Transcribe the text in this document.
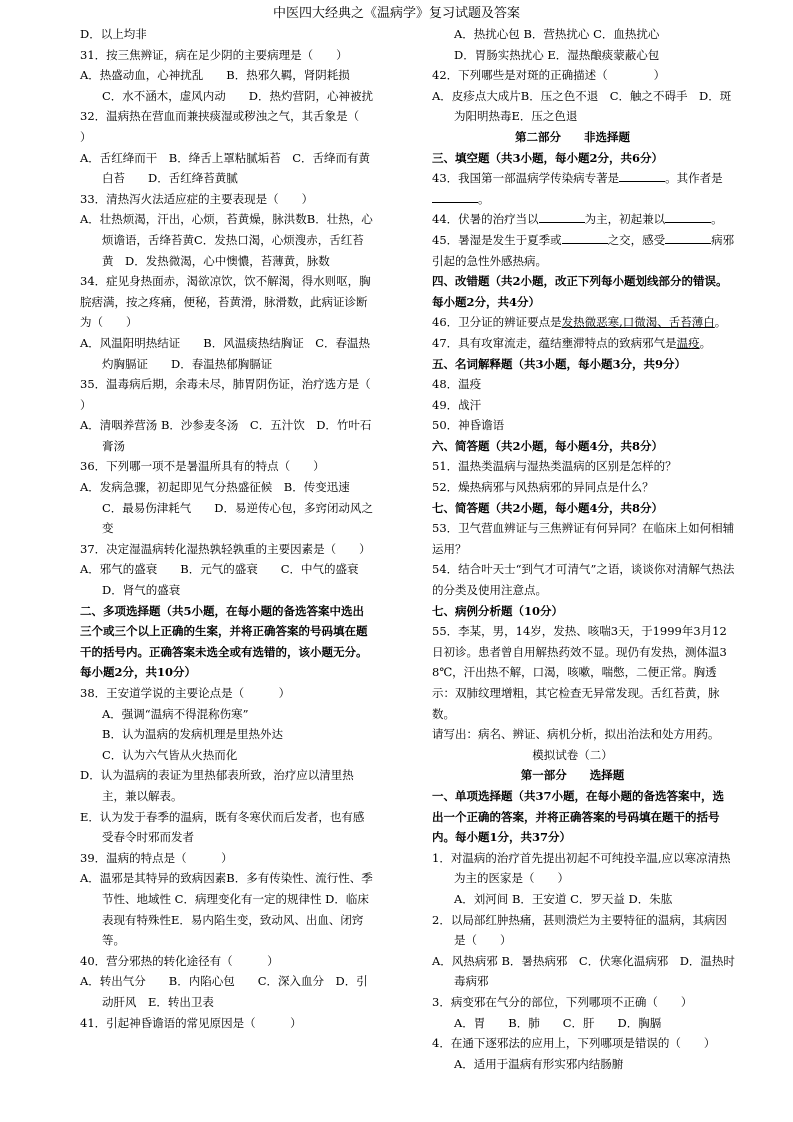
中医四大经典之《温病学》复习试题及答案

D．以上均非

31．按三焦辨证，病在足少阴的主要病理是（　　）

A．热盛动血，心神扰乱　　B．热邪久羁，肾阴耗损　C．水不涵木，虚风内动　　D．热灼营阴，心神被扰

32．温病热在营血而兼挟痰湿或秽浊之气，其舌象是（　　）

A．舌红绛而干　B．绛舌上罩粘腻垢苔　C．舌绛而有黄白苔　　D．舌红绛苔黄腻

33．清热泻火法适应症的主要表现是（　　）

A．壮热烦渴，汗出，心烦，苔黄燥，脉洪数B．壮热，心烦谵语，舌绛苔黄C．发热口渴，心烦溲赤，舌红苔黄　D．发热微渴，心中懊憹，苔薄黄，脉数

34．症见身热面赤，渴欲凉饮，饮不解渴，得水则呕，胸脘痞满，按之疼痛，便秘，苔黄滑，脉滑数，此病证诊断为（　　）

A．风温阳明热结证　　B．风温痰热结胸证　C．春温热灼胸膈证　　D．春温热郁胸膈证

35．温毒病后期，余毒未尽，肺胃阴伤证，治疗选方是（　　）

A．清咽养营汤 B．沙参麦冬汤　C．五汁饮　D．竹叶石膏汤

36．下列哪一项不是暑温所具有的特点（　　）

A．发病急骤，初起即见气分热盛征候　B．传变迅速　C．最易伤津耗气　　D．易逆传心包，多窍闭动风之变

37．决定湿温病转化湿热孰轻孰重的主要因素是（　　）

A．邪气的盛衰　　B．元气的盛衰　　C．中气的盛衰　　D．肾气的盛衰

二、多项选择题（共5小题，在每小题的备选答案中选出三个或三个以上正确的生案，并将正确答案的号码填在题干的括号内。正确答案未选全或有选错的，该小题无分。每小题2分，共10分）

38．王安道学说的主要论点是（　　　）

A．强调“温病不得混称伤寒”

B．认为温病的发病机理是里热外达

C．认为六气皆从火热而化

D．认为温病的表证为里热郁表所致，治疗应以清里热主，兼以解表。

E．认为发于春季的温病，既有冬寒伏而后发者，也有感受春令时邪而发者

39．温病的特点是（　　　）

A．温邪是其特异的致病因素B．多有传染性、流行性、季节性、地域性 C．病理变化有一定的规律性 D．临床表现有特殊性E．易内陷生变，致动风、出血、闭窍等。

40．营分邪热的转化途径有（　　　）

A．转出气分　　B．内陷心包　　C．深入血分　D．引动肝风　E．转出卫表

41．引起神昏谵语的常见原因是（　　　）

A．热扰心包 B．营热扰心 C．血热扰心

D．胃肠实热扰心 E．湿热酿痰蒙蔽心包

42．下列哪些是对斑的正确描述（　　　　）

A．皮疹点大成片B．压之色不退　C．触之不碍手　D．斑为阳明热毒E．压之色退

第二部分　　非选择题

三、填空题（共3小题，每小题2分，共6分）

43．我国第一部温病学传染病专著是	。其作者是。

44．伏暑的治疗当以	为主，初起兼以	。

45．暑湿是发生于夏季或	之交，感受	病邪引起的急性外感热病。

四、改错题（共2小题，改正下列每小题划线部分的错误。每小题2分，共4分）

46．卫分证的辨证要点是发热微恶寒,口微渴、舌苔薄白。

47．具有攻窜流走，蕴结壅滞特点的致病邪气是温疫。

五、名词解释题（共3小题，每小题3分，共9分）

48．温疫

49．战汗

50．神昏谵语

六、简答题（共2小题，每小题4分，共8分）

51．温热类温病与湿热类温病的区别是怎样的？

52．燥热病邪与风热病邪的异同点是什么？

七、简答题（共2小题，每小题4分，共8分）

53．卫气营血辨证与三焦辨证有何异同？在临床上如何相辅运用？

54．结合叶天士“到气才可清气”之语，谈谈你对清解气热法的分类及使用注意点。

七、病例分析题（10分）

55．李某，男，14岁，发热、咳喘3天，于1999年3月12日初诊。患者曾自用解热药效不显。现仍有发热，测体温38℃，汗出热不解，口渴，咳嗽，喘憋，二便正常。胸透示：双肺纹理增粗，其它检查无异常发现。舌红苔黄，脉数。

请写出：病名、辨证、病机分析，拟出治法和处方用药。

模拟试卷（二）

第一部分　　选择题

一、单项选择题（共37小题，在每小题的备选答案中，选出一个正确的答案，并将正确答案的号码填在题干的括号内。每小题1分，共37分）

1．对温病的治疗首先提出初起不可纯投辛温,应以寒凉清热为主的医家是（　　）

A．刘河间 B．王安道 C．罗天益 D．朱肱

2．以局部红肿热痛，甚则溃烂为主要特征的温病，其病因是（　　）

A．风热病邪 B．暑热病邪　C．伏寒化温病邪　D．温热时毒病邪

3．病变邪在气分的部位，下列哪项不正确（　　）

A．胃　　B．肺　　C．肝　　D．胸膈

4．在通下逐邪法的应用上，下列哪项是错误的（　　）

A．适用于温病有形实邪内结肠腑
